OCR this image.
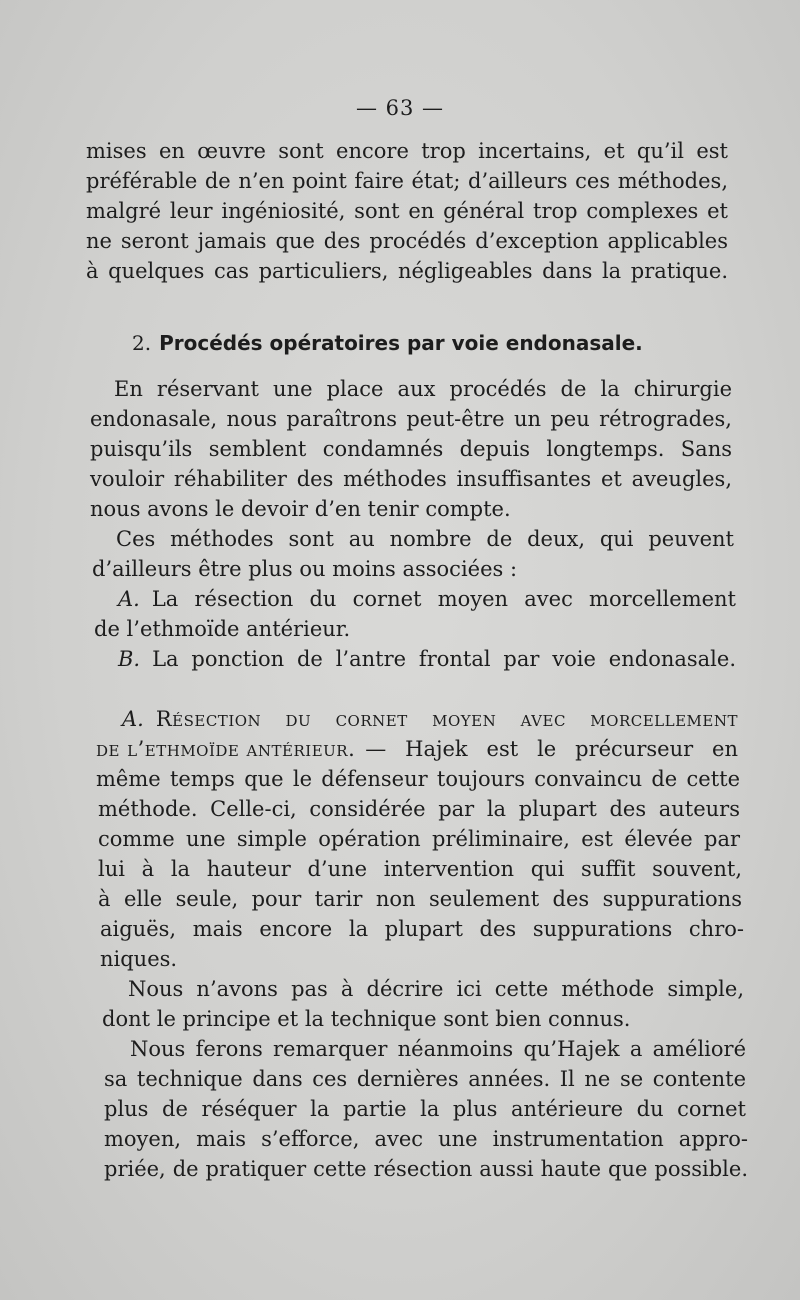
— 63 —
mises en œuvre sont encore trop incertains, et qu’il est
préférable de n’en point faire état; d’ailleurs ces méthodes,
malgré leur ingéniosité, sont en général trop complexes et
ne seront jamais que des procédés d’exception applicables
à quelques cas particuliers, négligeables dans la pratique.
2. Procédés opératoires par voie endonasale.
En réservant une place aux procédés de la chirurgie
endonasale, nous paraîtrons peut-être un peu rétrogrades,
puisqu’ils semblent condamnés depuis longtemps. Sans
vouloir réhabiliter des méthodes insuffisantes et aveugles,
nous avons le devoir d’en tenir compte.
Ces méthodes sont au nombre de deux, qui peuvent
d’ailleurs être plus ou moins associées :
A. La résection du cornet moyen avec morcellement
de l’ethmoïde antérieur.
B. La ponction de l’antre frontal par voie endonasale.
A. Résection du cornet moyen avec morcellement
de l’ethmoïde antérieur. — Hajek est le précurseur en
même temps que le défenseur toujours convaincu de cette
méthode. Celle-ci, considérée par la plupart des auteurs
comme une simple opération préliminaire, est élevée par
lui à la hauteur d’une intervention qui suffit souvent,
à elle seule, pour tarir non seulement des suppurations
aiguës, mais encore la plupart des suppurations chro-
niques.
Nous n’avons pas à décrire ici cette méthode simple,
dont le principe et la technique sont bien connus.
Nous ferons remarquer néanmoins qu’Hajek a amélioré
sa technique dans ces dernières années. Il ne se contente
plus de réséquer la partie la plus antérieure du cornet
moyen, mais s’efforce, avec une instrumentation appro-
priée, de pratiquer cette résection aussi haute que possible.
